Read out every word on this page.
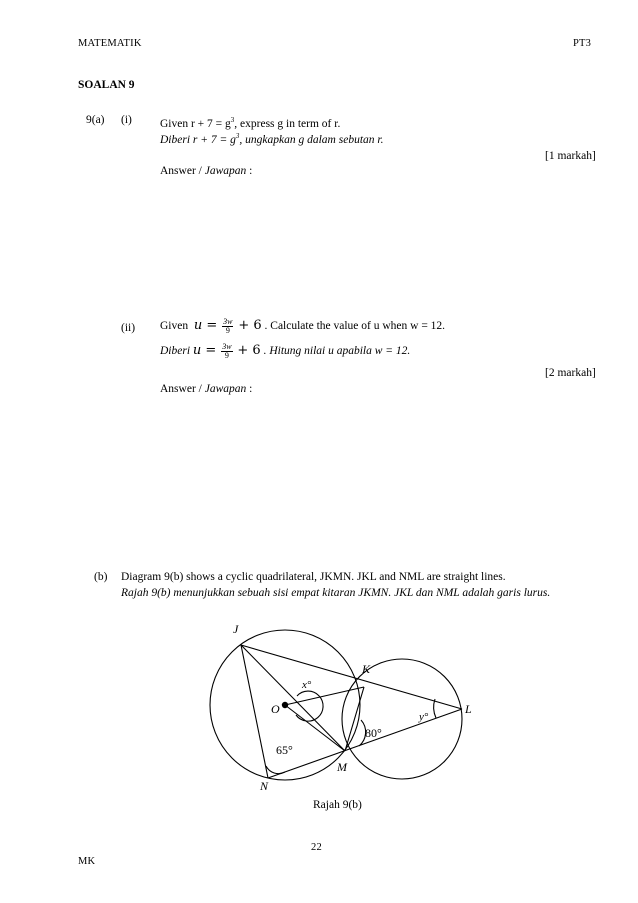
MATEMATIK	PT3
SOALAN 9
9(a) (i) Given $r + 7 = g^3$, express g in term of r.
Diberi $r + 7 = g^3$, ungkapkan g dalam sebutan r.
[1 markah]
Answer / Jawapan :
(ii) Given $u = \frac{3w}{9} + 6$ . Calculate the value of u when w = 12.
Diberi $u = \frac{3w}{9} + 6$ . Hitung nilai u apabila w = 12.
[2 markah]
Answer / Jawapan :
(b) Diagram 9(b) shows a cyclic quadrilateral, JKMN. JKL and NML are straight lines.
Rajah 9(b) menunjukkan sebuah sisi empat kitaran JKMN. JKL dan NML adalah garis lurus.
J
K
L
O
M
N
x°
y°
80°
65°
Rajah 9(b)
22
MK
